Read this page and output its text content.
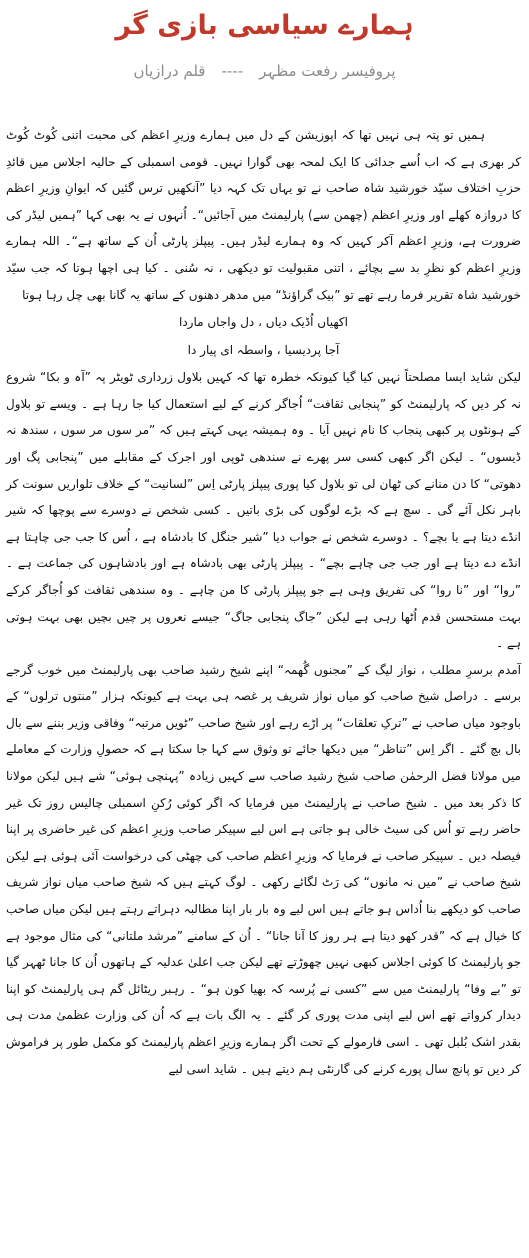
ہمارے سیاسی بازی گر
پروفیسر رفعت مظہر----قلم درازیاں

ہمیں تو پتہ ہی نہیں تھا کہ اپوزیشن کے دل میں ہمارے وزیرِ اعظم کی محبت اتنی کُوٹ کُوٹ کر بھری ہے کہ اب اُسے جدائی کا ایک لمحہ بھی گوارا نہیں۔ قومی اسمبلی کے حالیہ اجلاس میں قائدِ حزبِ اختلاف سیّد خورشید شاہ صاحب نے تو یہاں تک کہہ دیا ”آنکھیں ترس گئیں کہ ایوانِ وزیرِ اعظم کا دروازہ کھلے اور وزیرِ اعظم (چھمن سے) پارلیمنٹ میں آجائیں“۔ اُنہوں نے یہ بھی کہا ”ہمیں لیڈر کی ضرورت ہے، وزیرِ اعظم آکر کہیں کہ وہ ہمارے لیڈر ہیں۔ پیپلز پارٹی اُن کے ساتھ ہے“۔ اللہ ہمارے وزیرِ اعظم کو نظرِ بد سے بچائے ، اتنی مقبولیت تو دیکھی ، نہ سُنی ۔ کیا ہی اچھا ہوتا کہ جب سیّد خورشید شاہ تقریر فرما رہے تھے تو ”بیک گراؤنڈ“ میں مدھر دھنوں کے ساتھ یہ گانا بھی چل رہا ہوتا

اکھیاں اُڈیک دیاں ، دل واجاں ماردا

آجا پردیسیا ، واسطہ ای پیار دا

لیکن شاید ایسا مصلحتاً نہیں کیا گیا کیونکہ خطرہ تھا کہ کہیں بلاول زرداری ٹویٹر پہ ”آہ و بکا“ شروع نہ کر دیں کہ پارلیمنٹ کو ”پنجابی ثقافت“ اُجاگر کرنے کے لیے استعمال کیا جا رہا ہے ۔ ویسے تو بلاول کے ہونٹوں پر کبھی پنجاب کا نام نہیں آیا ۔ وہ ہمیشہ یہی کہتے ہیں کہ ”مر سوں مر سوں ، سندھ نہ ڈیسوں“ ۔ لیکن اگر کبھی کسی سر پھرے نے سندھی ٹوپی اور اجرک کے مقابلے میں ”پنجابی پگ اور دھوتی“ کا دن منانے کی ٹھان لی تو بلاول کیا پوری پیپلز پارٹی اِس ”لسانیت“ کے خلاف تلواریں سونت کر باہر نکل آئے گی ۔ سچ ہے کہ بڑے لوگوں کی بڑی باتیں ۔ کسی شخص نے دوسرے سے پوچھا کہ شیر انڈے دیتا ہے یا بچے؟ ۔ دوسرے شخص نے جواب دیا ”شیر جنگل کا بادشاہ ہے ، اُس کا جب جی چاہتا ہے انڈے دے دیتا ہے اور جب جی چاہے بچے“ ۔ پیپلز پارٹی بھی بادشاہ ہے اور بادشاہوں کی جماعت ہے ۔ ”روا“ اور ”نا روا“ کی تفریق وہی ہے جو پیپلز پارٹی کا من چاہے ۔ وہ سندھی ثقافت کو اُجاگر کرکے بہت مستحسن قدم اُٹھا رہی ہے لیکن ”جاگ پنجابی جاگ“ جیسے نعروں پر چیں بچیں بھی بہت ہوتی ہے ۔

آمدم برسرِ مطلب ، نواز لیگ کے ”مجنوں گُھمہ“ اپنے شیخ رشید صاحب بھی پارلیمنٹ میں خوب گرجے برسے ۔ دراصل شیخ صاحب کو میاں نواز شریف پر غصہ ہی بہت ہے کیونکہ ہزار ”منتوں ترلوں“ کے باوجود میاں صاحب نے ”ترکِ تعلقات“ پر اڑے رہے اور شیخ صاحب ”ٹویں مرتبہ“ وفاقی وزیر بننے سے بال بال بچ گئے ۔ اگر اِس ”تناظر“ میں دیکھا جائے تو وثوق سے کہا جا سکتا ہے کہ حصولِ وزارت کے معاملے میں مولانا فضل الرحمٰن صاحب شیخ رشید صاحب سے کہیں زیادہ ”پہنچی ہوئی“ شے ہیں لیکن مولانا کا ذکر بعد میں ۔ شیخ صاحب نے پارلیمنٹ میں فرمایا کہ اگر کوئی رُکنِ اسمبلی چالیس روز تک غیر حاضر رہے تو اُس کی سیٹ خالی ہو جاتی ہے اس لیے سپیکر صاحب وزیرِ اعظم کی غیر حاضری پر اپنا فیصلہ دیں ۔ سپیکر صاحب نے فرمایا کہ وزیرِ اعظم صاحب کی چھٹی کی درخواست آئی ہوئی ہے لیکن شیخ صاحب نے ”میں نہ مانوں“ کی رَٹ لگائے رکھی ۔ لوگ کہتے ہیں کہ شیخ صاحب میاں نواز شریف صاحب کو دیکھے بنا اُداس ہو جاتے ہیں اس لیے وہ بار بار اپنا مطالبہ دہراتے رہتے ہیں لیکن میاں صاحب کا خیال ہے کہ ”قدر کھو دیتا ہے ہر روز کا آنا جانا“ ۔ اُن کے سامنے ”مرشد ملتانی“ کی مثال موجود ہے جو پارلیمنٹ کا کوئی اجلاس کبھی نہیں چھوڑتے تھے لیکن جب اعلیٰ عدلیہ کے ہاتھوں اُن کا جانا ٹھہر گیا تو ”بے وفا“ پارلیمنٹ میں سے ”کسی نے پُرسہ کہ بھیا کون ہو“ ۔ رہبر ریٹائل گم ہی پارلیمنٹ کو اپنا دیدار کرواتے تھے اس لیے اپنی مدت پوری کر گئے ۔ یہ الگ بات ہے کہ اُن کی وزارت عظمیٰ مدت ہی بقدر اشک بُلبل تھی ۔ اسی فارمولے کے تحت اگر ہمارے وزیرِ اعظم پارلیمنٹ کو مکمل طور پر فراموش کر دیں تو پانچ سال پورے کرنے کی گارنٹی ہم دیتے ہیں ۔ شاید اسی لیے
